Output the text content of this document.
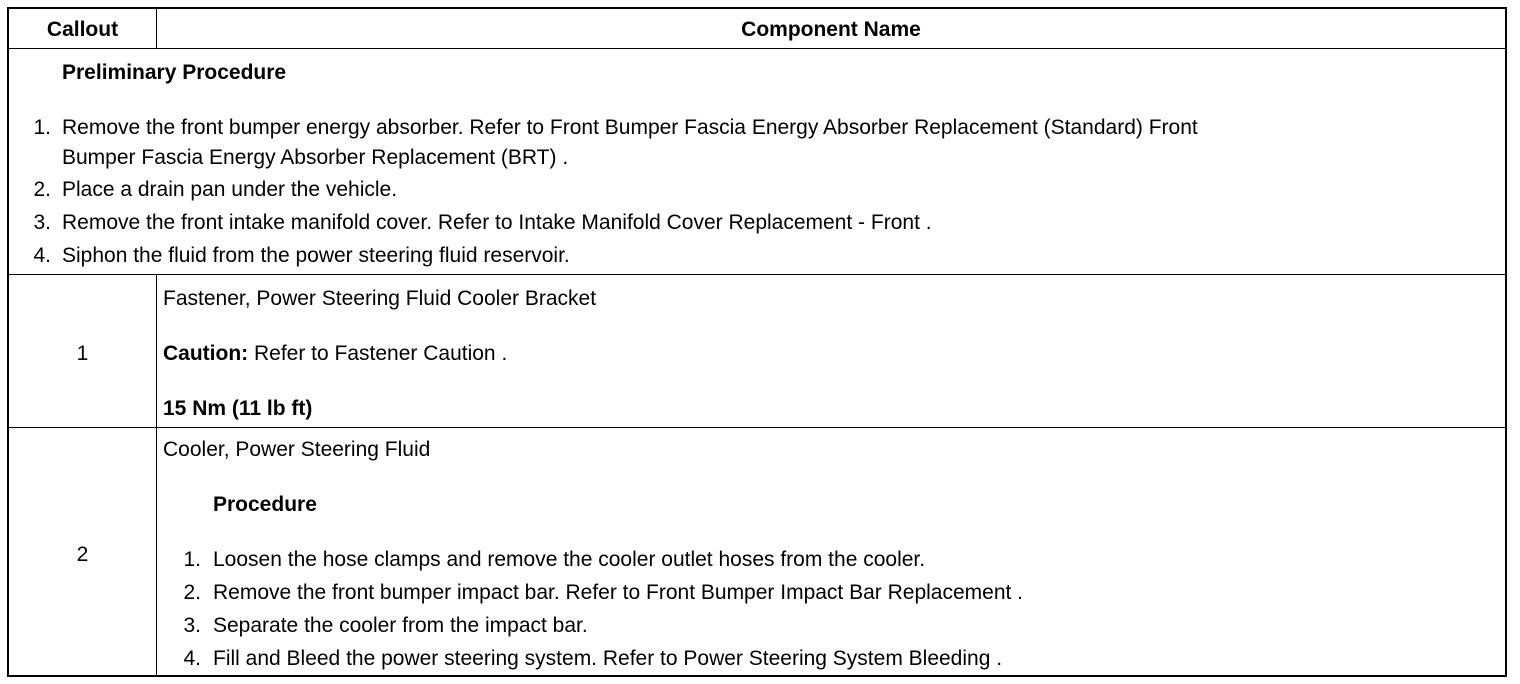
Callout	Component Name
Preliminary Procedure
1. Remove the front bumper energy absorber. Refer to Front Bumper Fascia Energy Absorber Replacement (Standard) Front
Bumper Fascia Energy Absorber Replacement (BRT) .
2. Place a drain pan under the vehicle.
3. Remove the front intake manifold cover. Refer to Intake Manifold Cover Replacement - Front .
4. Siphon the fluid from the power steering fluid reservoir.
1
Fastener, Power Steering Fluid Cooler Bracket
Caution: Refer to Fastener Caution .
15 Nm (11 lb ft)
2
Cooler, Power Steering Fluid
Procedure
1. Loosen the hose clamps and remove the cooler outlet hoses from the cooler.
2. Remove the front bumper impact bar. Refer to Front Bumper Impact Bar Replacement .
3. Separate the cooler from the impact bar.
4. Fill and Bleed the power steering system. Refer to Power Steering System Bleeding .
